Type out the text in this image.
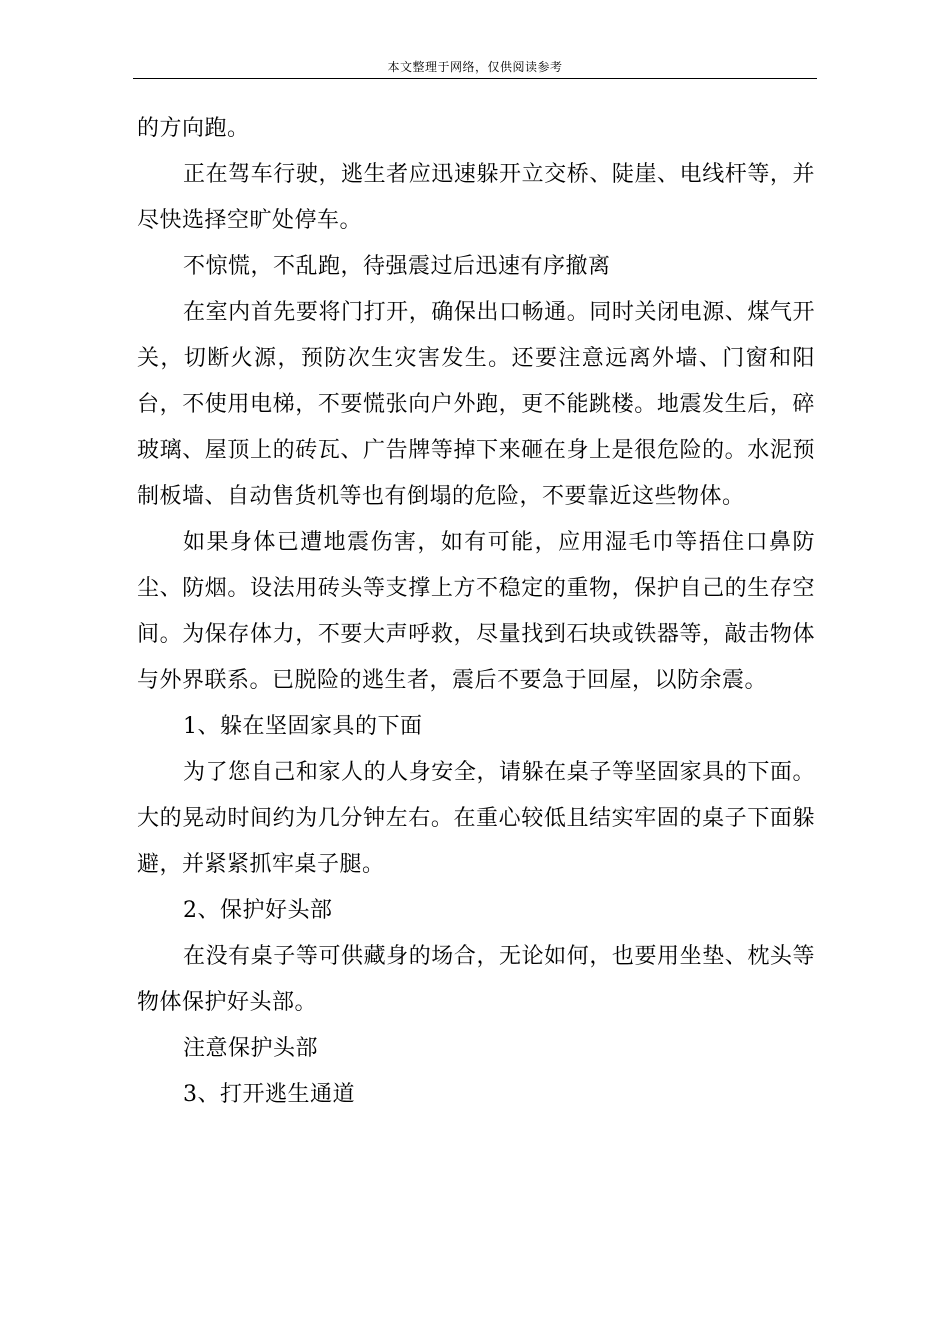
本文整理于网络，仅供阅读参考

的方向跑。

正在驾车行驶，逃生者应迅速躲开立交桥、陡崖、电线杆等，并尽快选择空旷处停车。

不惊慌，不乱跑，待强震过后迅速有序撤离

在室内首先要将门打开，确保出口畅通。同时关闭电源、煤气开关，切断火源，预防次生灾害发生。还要注意远离外墙、门窗和阳台，不使用电梯，不要慌张向户外跑，更不能跳楼。地震发生后，碎玻璃、屋顶上的砖瓦、广告牌等掉下来砸在身上是很危险的。水泥预制板墙、自动售货机等也有倒塌的危险，不要靠近这些物体。

如果身体已遭地震伤害，如有可能，应用湿毛巾等捂住口鼻防尘、防烟。设法用砖头等支撑上方不稳定的重物，保护自己的生存空间。为保存体力，不要大声呼救，尽量找到石块或铁器等，敲击物体与外界联系。已脱险的逃生者，震后不要急于回屋，以防余震。

1、躲在坚固家具的下面

为了您自己和家人的人身安全，请躲在桌子等坚固家具的下面。大的晃动时间约为几分钟左右。在重心较低且结实牢固的桌子下面躲避，并紧紧抓牢桌子腿。

2、保护好头部

在没有桌子等可供藏身的场合，无论如何，也要用坐垫、枕头等物体保护好头部。

注意保护头部

3、打开逃生通道
